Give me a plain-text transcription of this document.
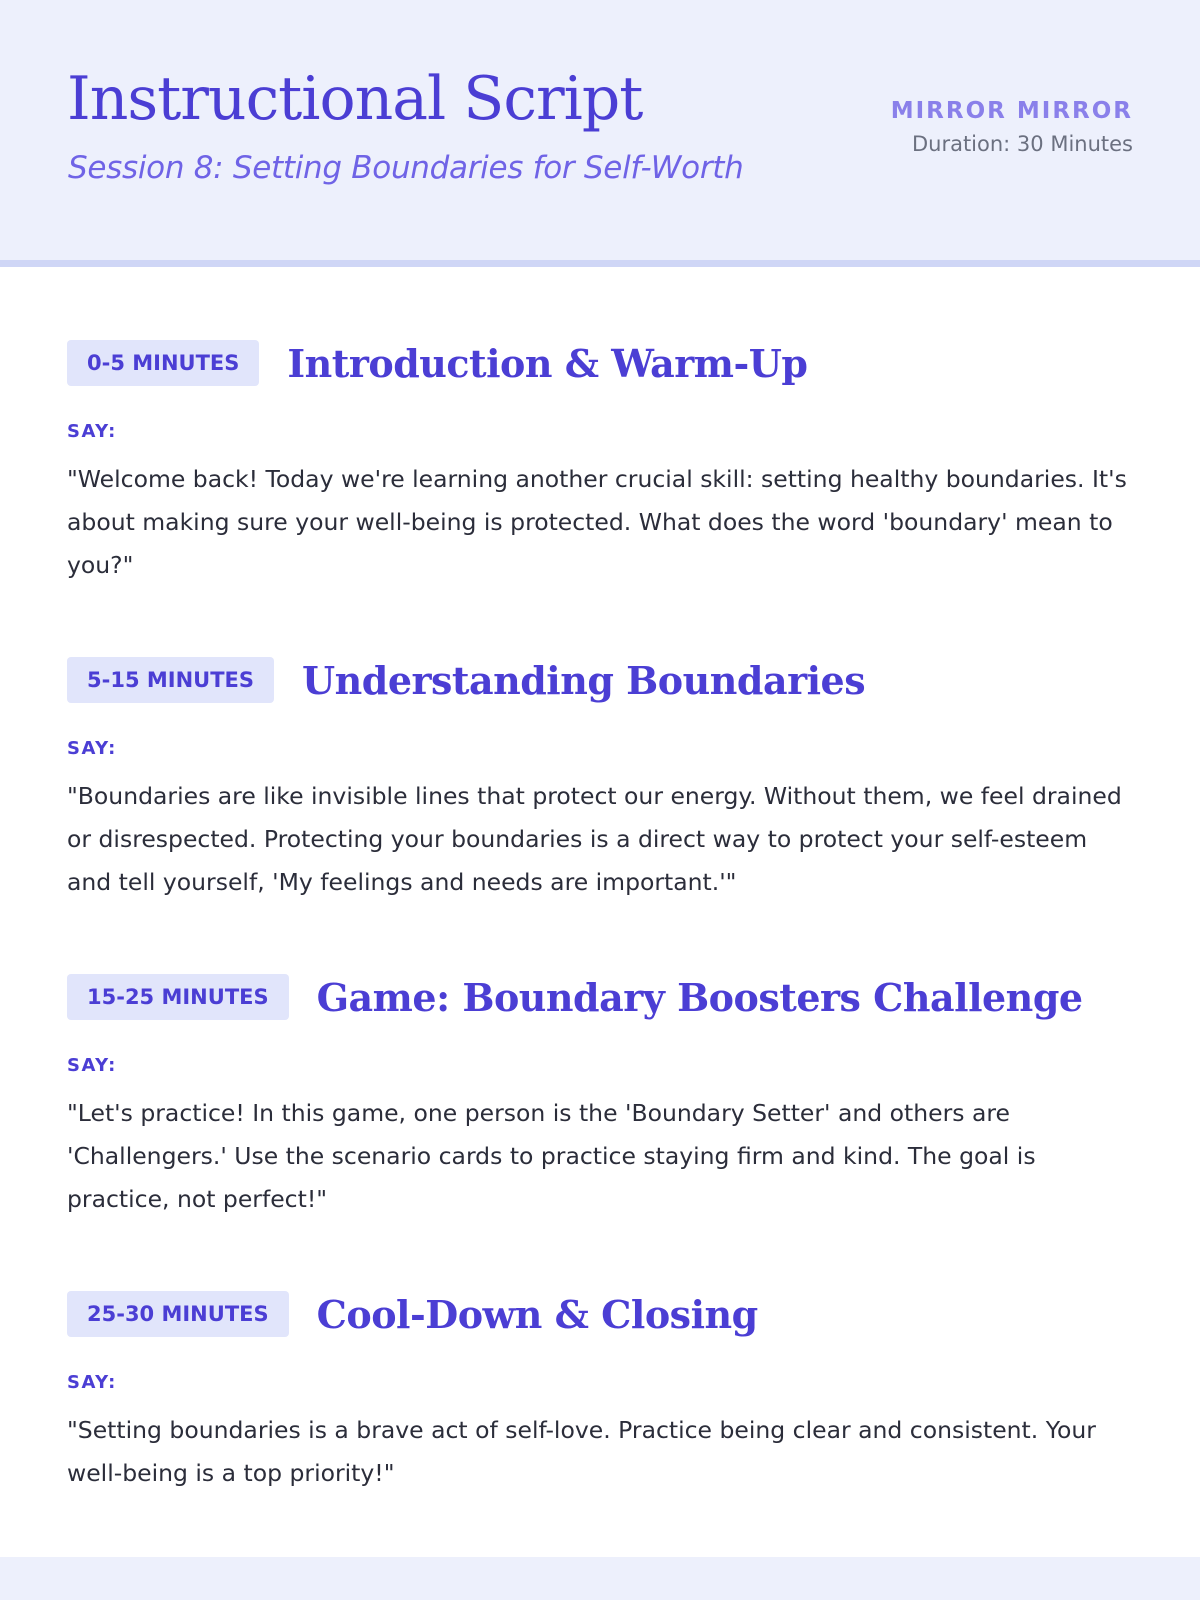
Instructional Script
Session 8: Setting Boundaries for Self-Worth
MIRROR MIRROR
Duration: 30 Minutes
0-5 MINUTES	Introduction & Warm-Up
SAY:
"Welcome back! Today we're learning another crucial skill: setting healthy boundaries. It's about making sure your well-being is protected. What does the word 'boundary' mean to you?"
5-15 MINUTES	Understanding Boundaries
SAY:
"Boundaries are like invisible lines that protect our energy. Without them, we feel drained or disrespected. Protecting your boundaries is a direct way to protect your self-esteem and tell yourself, 'My feelings and needs are important.'"
15-25 MINUTES	Game: Boundary Boosters Challenge
SAY:
"Let's practice! In this game, one person is the 'Boundary Setter' and others are 'Challengers.' Use the scenario cards to practice staying firm and kind. The goal is practice, not perfect!"
25-30 MINUTES	Cool-Down & Closing
SAY:
"Setting boundaries is a brave act of self-love. Practice being clear and consistent. Your well-being is a top priority!"
